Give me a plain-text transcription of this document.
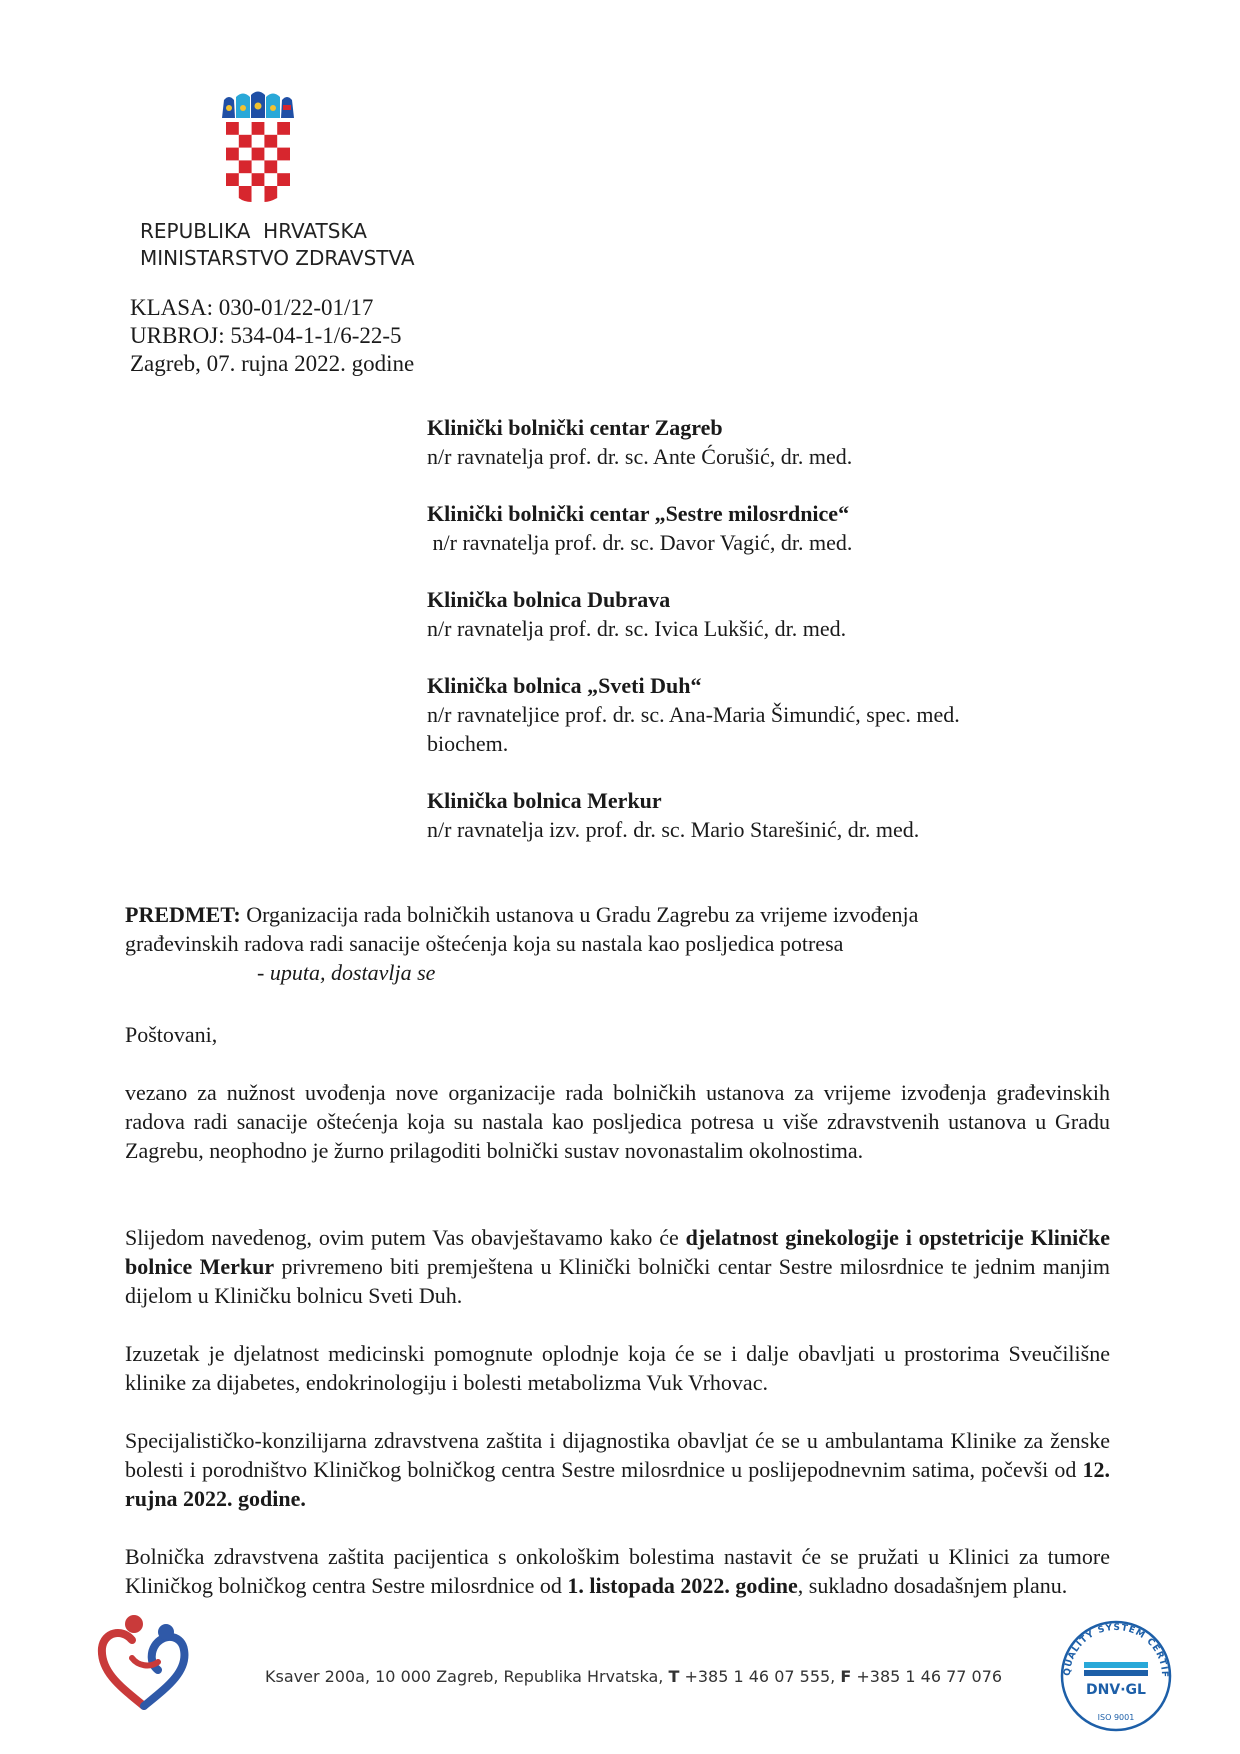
REPUBLIKA  HRVATSKA
MINISTARSTVO ZDRAVSTVA
KLASA: 030-01/22-01/17
URBROJ: 534-04-1-1/6-22-5
Zagreb, 07. rujna 2022. godine
Klinički bolnički centar Zagreb
n/r ravnatelja prof. dr. sc. Ante Ćorušić, dr. med.
Klinički bolnički centar „Sestre milosrdnice“
n/r ravnatelja prof. dr. sc. Davor Vagić, dr. med.
Klinička bolnica Dubrava
n/r ravnatelja prof. dr. sc. Ivica Lukšić, dr. med.
Klinička bolnica „Sveti Duh“
n/r ravnateljice prof. dr. sc. Ana-Maria Šimundić, spec. med.
biochem.
Klinička bolnica Merkur
n/r ravnatelja izv. prof. dr. sc. Mario Starešinić, dr. med.
PREDMET: Organizacija rada bolničkih ustanova u Gradu Zagrebu za vrijeme izvođenja
građevinskih radova radi sanacije oštećenja koja su nastala kao posljedica potresa
- uputa, dostavlja se
Poštovani,
vezano za nužnost uvođenja nove organizacije rada bolničkih ustanova za vrijeme izvođenja građevinskih radova radi sanacije oštećenja koja su nastala kao posljedica potresa u više zdravstvenih ustanova u Gradu Zagrebu, neophodno je žurno prilagoditi bolnički sustav novonastalim okolnostima.
Slijedom navedenog, ovim putem Vas obavještavamo kako će djelatnost ginekologije i opstetricije Kliničke bolnice Merkur privremeno biti premještena u Klinički bolnički centar Sestre milosrdnice te jednim manjim dijelom u Kliničku bolnicu Sveti Duh.
Izuzetak je djelatnost medicinski pomognute oplodnje koja će se i dalje obavljati u prostorima Sveučilišne klinike za dijabetes, endokrinologiju i bolesti metabolizma Vuk Vrhovac.
Specijalističko-konzilijarna zdravstvena zaštita i dijagnostika obavljat će se u ambulantama Klinike za ženske bolesti i porodništvo Kliničkog bolničkog centra Sestre milosrdnice u poslijepodnevnim satima, počevši od 12. rujna 2022. godine.
Bolnička zdravstvena zaštita pacijentica s onkološkim bolestima nastavit će se pružati u Klinici za tumore Kliničkog bolničkog centra Sestre milosrdnice od 1. listopada 2022. godine, sukladno dosadašnjem planu.
Ksaver 200a, 10 000 Zagreb, Republika Hrvatska, T +385 1 46 07 555, F +385 1 46 77 076	QUALITY SYSTEM CERTIF
DNV·GL
ISO 9001
